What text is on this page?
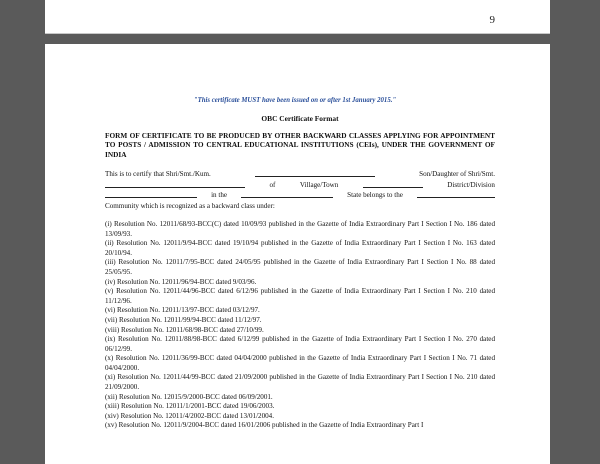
9
"This certificate MUST have been issued on or after 1st January 2015."
OBC Certificate Format
FORM OF CERTIFICATE TO BE PRODUCED BY OTHER BACKWARD CLASSES APPLYING FOR APPOINTMENT TO POSTS / ADMISSION TO CENTRAL EDUCATIONAL INSTITUTIONS (CEIs), UNDER THE GOVERNMENT OF INDIA
This is to certify that Shri/Smt./Kum.	Son/Daughter of Shri/Smt.
of	Village/Town	District/Division
in the	State belongs to the
Community which is recognized as a backward class under:
(i) Resolution No. 12011/68/93-BCC(C) dated 10/09/93 published in the Gazette of India Extraordinary Part I Section I No. 186 dated 13/09/93.
(ii) Resolution No. 12011/9/94-BCC dated 19/10/94 published in the Gazette of India Extraordinary Part I Section I No. 163 dated 20/10/94.
(iii) Resolution No. 12011/7/95-BCC dated 24/05/95 published in the Gazette of India Extraordinary Part I Section I No. 88 dated 25/05/95.
(iv) Resolution No. 12011/96/94-BCC dated 9/03/96.
(v) Resolution No. 12011/44/96-BCC dated 6/12/96 published in the Gazette of India Extraordinary Part I Section I No. 210 dated 11/12/96.
(vi) Resolution No. 12011/13/97-BCC dated 03/12/97.
(vii) Resolution No. 12011/99/94-BCC dated 11/12/97.
(viii) Resolution No. 12011/68/98-BCC dated 27/10/99.
(ix) Resolution No. 12011/88/98-BCC dated 6/12/99 published in the Gazette of India Extraordinary Part I Section I No. 270 dated 06/12/99.
(x) Resolution No. 12011/36/99-BCC dated 04/04/2000 published in the Gazette of India Extraordinary Part I Section I No. 71 dated 04/04/2000.
(xi) Resolution No. 12011/44/99-BCC dated 21/09/2000 published in the Gazette of India Extraordinary Part I Section I No. 210 dated 21/09/2000.
(xii) Resolution No. 12015/9/2000-BCC dated 06/09/2001.
(xiii) Resolution No. 12011/1/2001-BCC dated 19/06/2003.
(xiv) Resolution No. 12011/4/2002-BCC dated 13/01/2004.
(xv) Resolution No. 12011/9/2004-BCC dated 16/01/2006 published in the Gazette of India Extraordinary Part I
